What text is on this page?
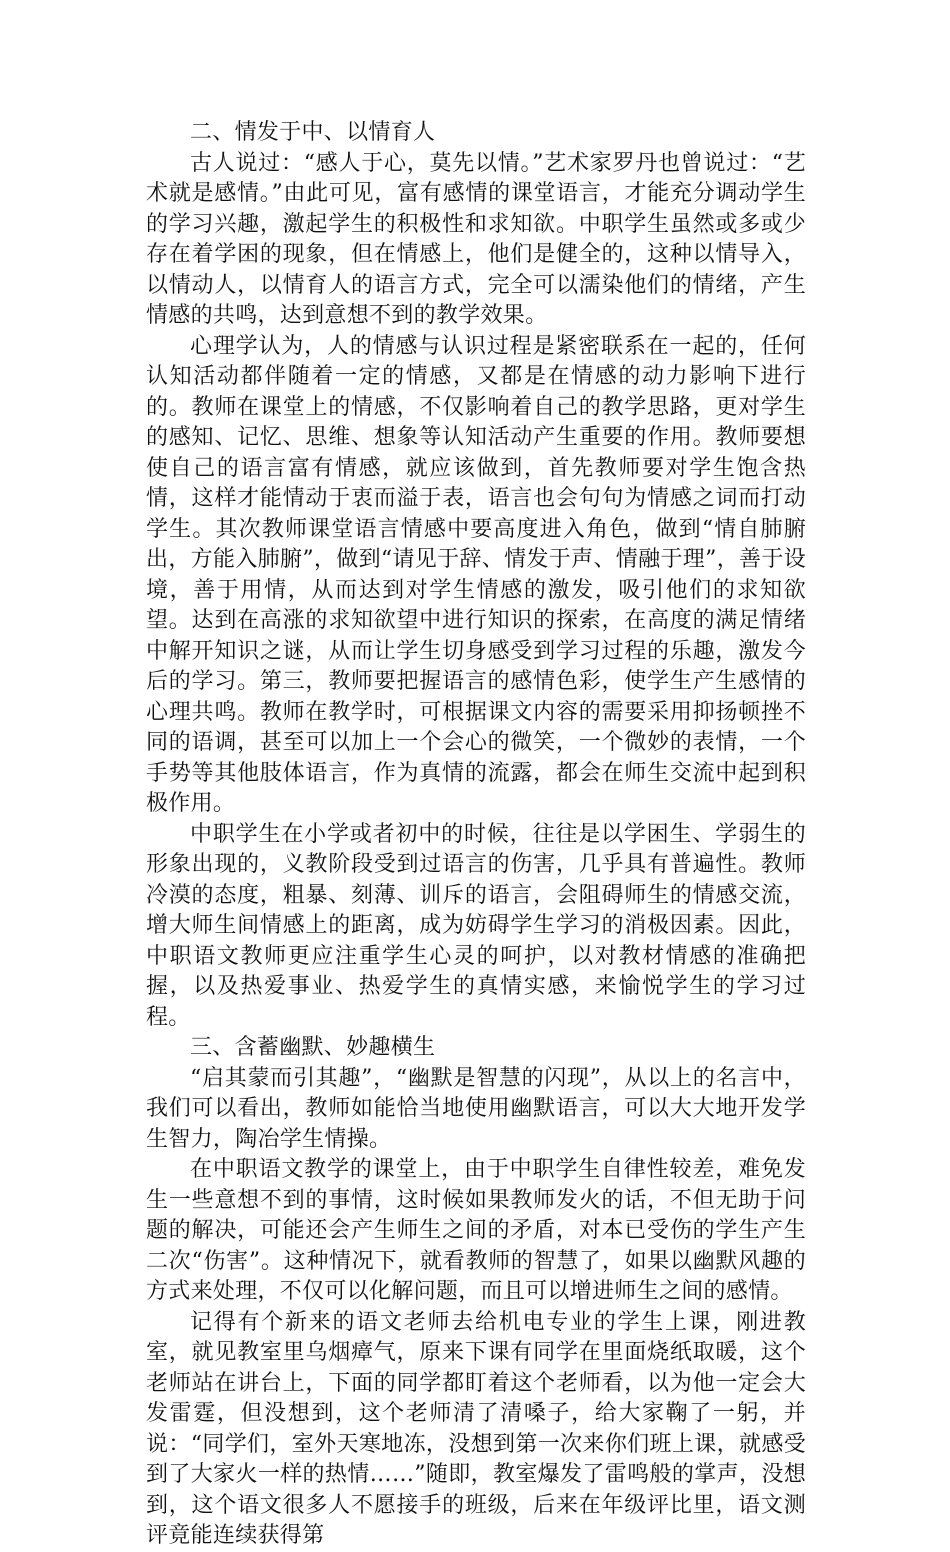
二、情发于中、以情育人

古人说过：“感人于心，莫先以情。”艺术家罗丹也曾说过：“艺术就是感情。”由此可见，富有感情的课堂语言，才能充分调动学生的学习兴趣，激起学生的积极性和求知欲。中职学生虽然或多或少存在着学困的现象，但在情感上，他们是健全的，这种以情导入，以情动人，以情育人的语言方式，完全可以濡染他们的情绪，产生情感的共鸣，达到意想不到的教学效果。

心理学认为，人的情感与认识过程是紧密联系在一起的，任何认知活动都伴随着一定的情感，又都是在情感的动力影响下进行的。教师在课堂上的情感，不仅影响着自己的教学思路，更对学生的感知、记忆、思维、想象等认知活动产生重要的作用。教师要想使自己的语言富有情感，就应该做到，首先教师要对学生饱含热情，这样才能情动于衷而溢于表，语言也会句句为情感之词而打动学生。其次教师课堂语言情感中要高度进入角色，做到“情自肺腑出，方能入肺腑”，做到“请见于辞、情发于声、情融于理”，善于设境，善于用情，从而达到对学生情感的激发，吸引他们的求知欲望。达到在高涨的求知欲望中进行知识的探索，在高度的满足情绪中解开知识之谜，从而让学生切身感受到学习过程的乐趣，激发今后的学习。第三，教师要把握语言的感情色彩，使学生产生感情的心理共鸣。教师在教学时，可根据课文内容的需要采用抑扬顿挫不同的语调，甚至可以加上一个会心的微笑，一个微妙的表情，一个手势等其他肢体语言，作为真情的流露，都会在师生交流中起到积极作用。

中职学生在小学或者初中的时候，往往是以学困生、学弱生的形象出现的，义教阶段受到过语言的伤害，几乎具有普遍性。教师冷漠的态度，粗暴、刻薄、训斥的语言，会阻碍师生的情感交流，增大师生间情感上的距离，成为妨碍学生学习的消极因素。因此，中职语文教师更应注重学生心灵的呵护，以对教材情感的准确把握，以及热爱事业、热爱学生的真情实感，来愉悦学生的学习过程。

三、含蓄幽默、妙趣横生

“启其蒙而引其趣”，“幽默是智慧的闪现”，从以上的名言中，我们可以看出，教师如能恰当地使用幽默语言，可以大大地开发学生智力，陶冶学生情操。

在中职语文教学的课堂上，由于中职学生自律性较差，难免发生一些意想不到的事情，这时候如果教师发火的话，不但无助于问题的解决，可能还会产生师生之间的矛盾，对本已受伤的学生产生二次“伤害”。这种情况下，就看教师的智慧了，如果以幽默风趣的方式来处理，不仅可以化解问题，而且可以增进师生之间的感情。

记得有个新来的语文老师去给机电专业的学生上课，刚进教室，就见教室里乌烟瘴气，原来下课有同学在里面烧纸取暖，这个老师站在讲台上，下面的同学都盯着这个老师看，以为他一定会大发雷霆，但没想到，这个老师清了清嗓子，给大家鞠了一躬，并说：“同学们，室外天寒地冻，没想到第一次来你们班上课，就感受到了大家火一样的热情……”随即，教室爆发了雷鸣般的掌声，没想到，这个语文很多人不愿接手的班级，后来在年级评比里，语文测评竟能连续获得第
